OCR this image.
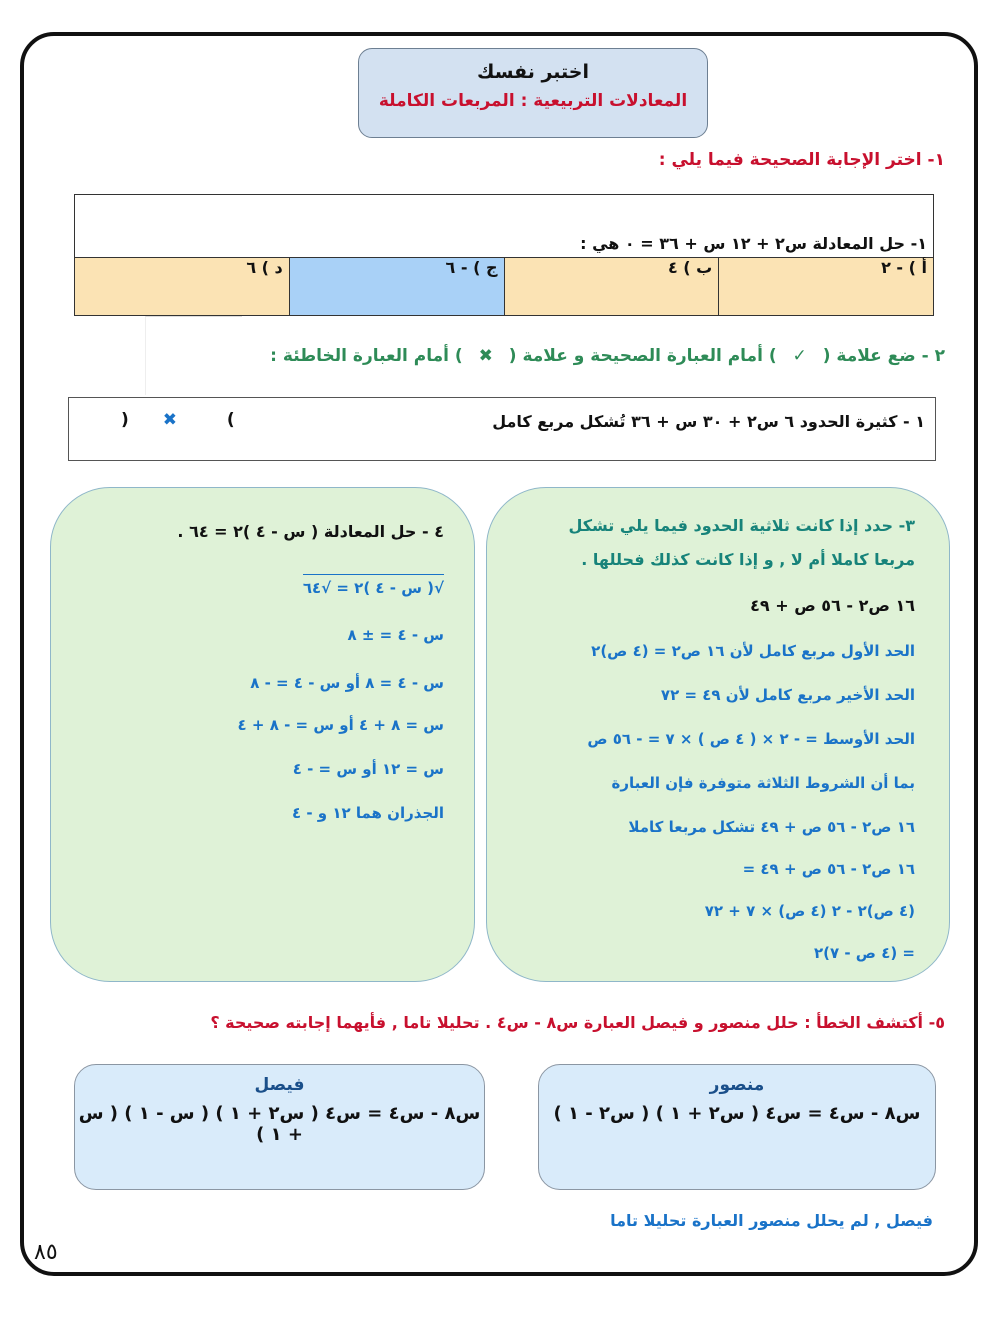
اختبر نفسك
المعادلات التربيعية : المربعات الكاملة
١- اختر الإجابة الصحيحة فيما يلي :
١- حل المعادلة س٢ + ١٢ س + ٣٦ = ٠ هي :
أ ) - ٢	ب ) ٤	ج ) - ٦	د ) ٦
٢ - ضع علامة ( ✓ ) أمام العبارة الصحيحة و علامة ( ✖ ) أمام العبارة الخاطئة :
١ - كثيرة الحدود ٦ س٢ + ٣٠ س + ٣٦ تُشكل مربع كامل
) ✖	(
٣- حدد إذا كانت ثلاثية الحدود فيما يلي تشكل
مربعا كاملا أم لا , و إذا كانت كذلك فحللها .
١٦ ص٢ - ٥٦ ص + ٤٩
الحد الأول مربع كامل لأن ١٦ ص٢ = (٤ ص)٢
الحد الأخير مربع كامل لأن ٤٩ = ٧٢
الحد الأوسط = - ٢ × ( ٤ ص ) × ٧ = - ٥٦ ص
بما أن الشروط الثلاثة متوفرة فإن العبارة
١٦ ص٢ - ٥٦ ص + ٤٩ تشكل مربعا كاملا
١٦ ص٢ - ٥٦ ص + ٤٩ =
(٤ ص)٢ - ٢ (٤ ص) × ٧ + ٧٢
= (٤ ص - ٧)٢
٤ - حل المعادلة ( س - ٤ )٢ = ٦٤ .
√( س - ٤ )٢ = √٦٤
س - ٤ = ± ٨
س - ٤ = ٨ أو س - ٤ = - ٨
س = ٨ + ٤ أو س = - ٨ + ٤
س = ١٢ أو س = - ٤
الجذران هما ١٢ و - ٤
٥- أكتشف الخطأ : حلل منصور و فيصل العبارة س٨ - س٤ . تحليلا تاما , فأيهما إجابته صحيحة ؟
منصور
س٨ - س٤ = س٤ ( س٢ + ١ ) ( س٢ - ١ )
فيصل
س٨ - س٤ = س٤ ( س٢ + ١ ) ( س - ١ ) ( س + ١ )
فيصل , لم يحلل منصور العبارة تحليلا تاما
٨٥
